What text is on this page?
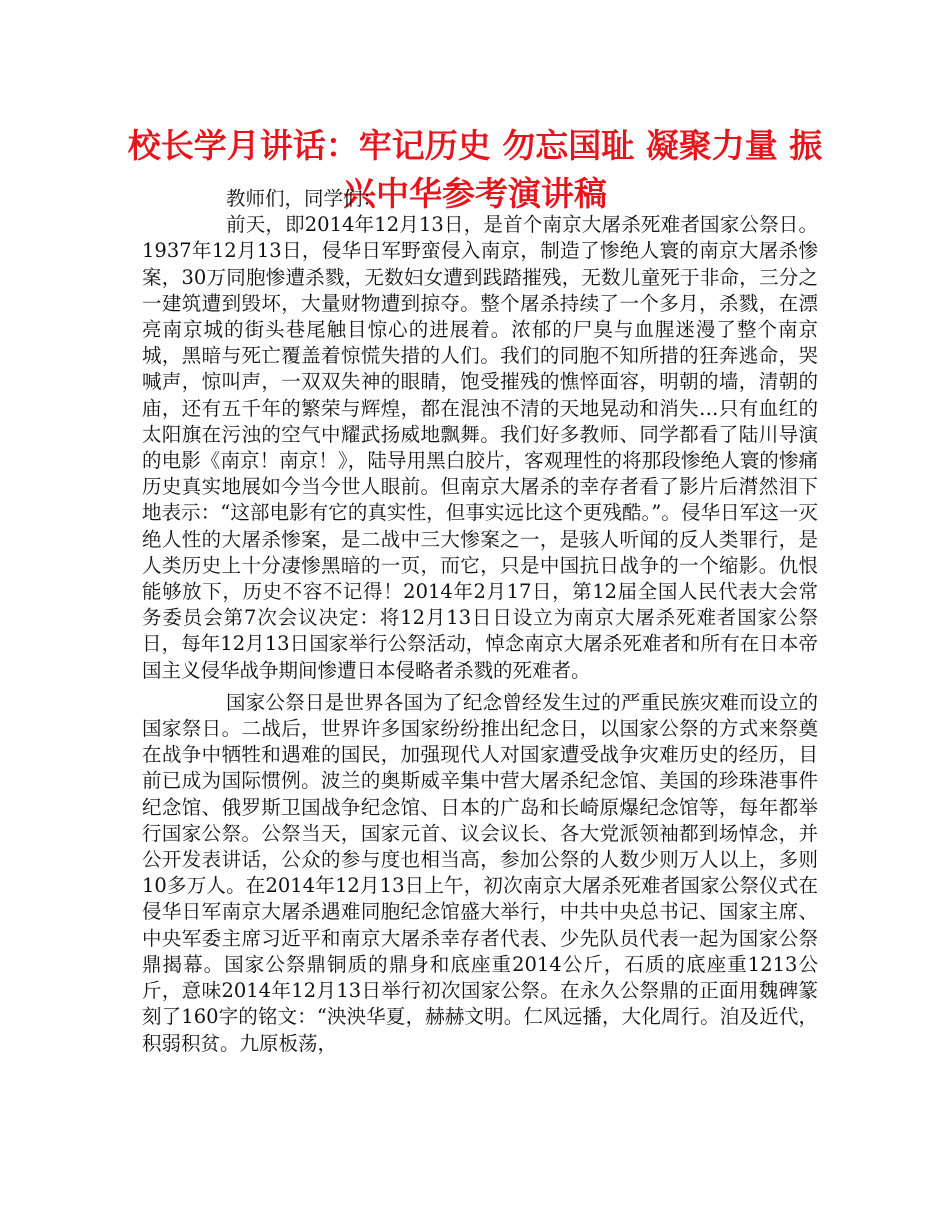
校长学月讲话：牢记历史 勿忘国耻 凝聚力量 振兴中华参考演讲稿

教师们，同学们：

前天，即2014年12月13日，是首个南京大屠杀死难者国家公祭日。1937年12月13日，侵华日军野蛮侵入南京，制造了惨绝人寰的南京大屠杀惨案，30万同胞惨遭杀戮，无数妇女遭到践踏摧残，无数儿童死于非命，三分之一建筑遭到毁坏，大量财物遭到掠夺。整个屠杀持续了一个多月，杀戮，在漂亮南京城的街头巷尾触目惊心的进展着。浓郁的尸臭与血腥迷漫了整个南京城，黑暗与死亡覆盖着惊慌失措的人们。我们的同胞不知所措的狂奔逃命，哭喊声，惊叫声，一双双失神的眼睛，饱受摧残的憔悴面容，明朝的墙，清朝的庙，还有五千年的繁荣与辉煌，都在混浊不清的天地晃动和消失…只有血红的太阳旗在污浊的空气中耀武扬威地飘舞。我们好多教师、同学都看了陆川导演的电影《南京！南京！》，陆导用黑白胶片，客观理性的将那段惨绝人寰的惨痛历史真实地展如今当今世人眼前。但南京大屠杀的幸存者看了影片后潸然泪下地表示：“这部电影有它的真实性，但事实远比这个更残酷。”。侵华日军这一灭绝人性的大屠杀惨案，是二战中三大惨案之一，是骇人听闻的反人类罪行，是人类历史上十分凄惨黑暗的一页，而它，只是中国抗日战争的一个缩影。仇恨能够放下，历史不容不记得！2014年2月17日，第12届全国人民代表大会常务委员会第7次会议决定：将12月13日日设立为南京大屠杀死难者国家公祭日，每年12月13日国家举行公祭活动，悼念南京大屠杀死难者和所有在日本帝国主义侵华战争期间惨遭日本侵略者杀戮的死难者。

国家公祭日是世界各国为了纪念曾经发生过的严重民族灾难而设立的国家祭日。二战后，世界许多国家纷纷推出纪念日，以国家公祭的方式来祭奠在战争中牺牲和遇难的国民，加强现代人对国家遭受战争灾难历史的经历，目前已成为国际惯例。波兰的奥斯威辛集中营大屠杀纪念馆、美国的珍珠港事件纪念馆、俄罗斯卫国战争纪念馆、日本的广岛和长崎原爆纪念馆等，每年都举行国家公祭。公祭当天，国家元首、议会议长、各大党派领袖都到场悼念，并公开发表讲话，公众的参与度也相当高，参加公祭的人数少则万人以上，多则10多万人。在2014年12月13日上午，初次南京大屠杀死难者国家公祭仪式在侵华日军南京大屠杀遇难同胞纪念馆盛大举行，中共中央总书记、国家主席、中央军委主席习近平和南京大屠杀幸存者代表、少先队员代表一起为国家公祭鼎揭幕。国家公祭鼎铜质的鼎身和底座重2014公斤，石质的底座重1213公斤，意味2014年12月13日举行初次国家公祭。在永久公祭鼎的正面用魏碑篆刻了160字的铭文：“泱泱华夏，赫赫文明。仁风远播，大化周行。洎及近代，积弱积贫。九原板荡，
